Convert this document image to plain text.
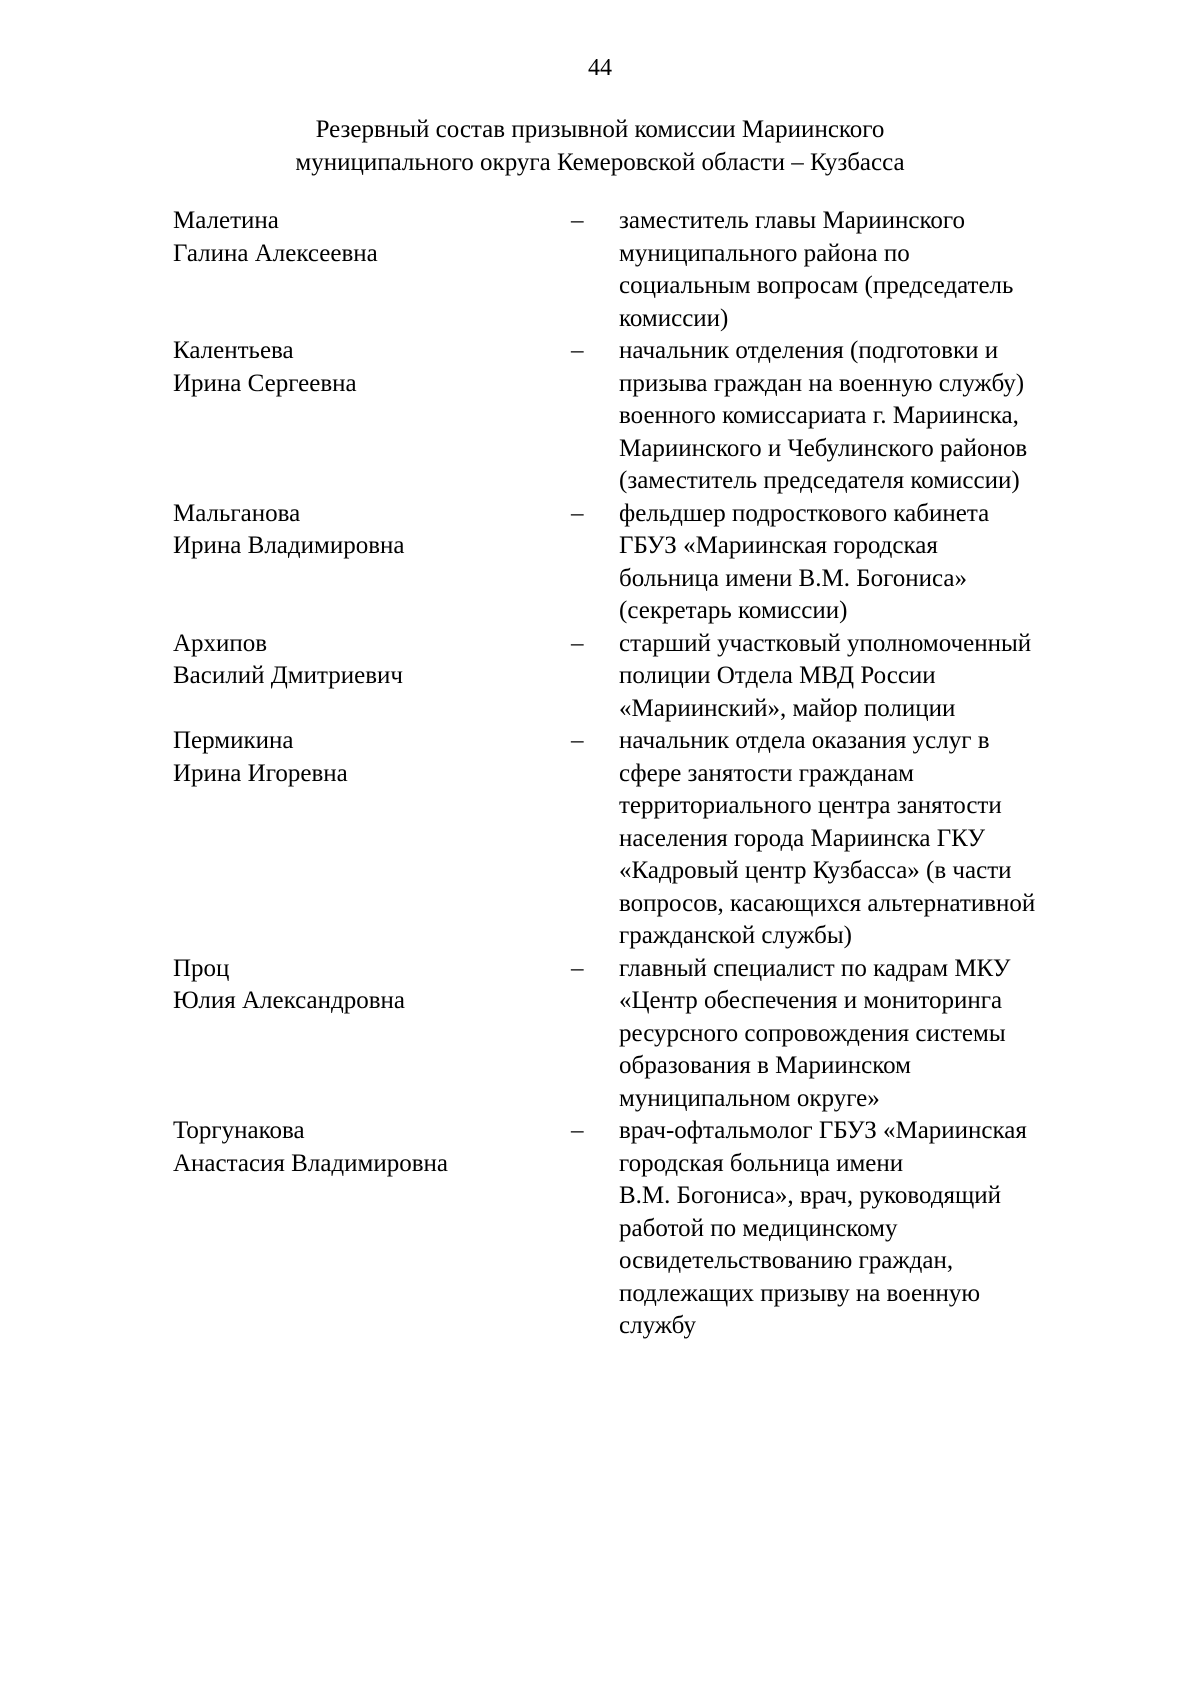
44
Резервный состав призывной комиссии Мариинского
муниципального округа Кемеровской области – Кузбасса
Малетина
Галина Алексеевна
–	заместитель главы Мариинского
муниципального района по
социальным вопросам (председатель
комиссии)
Калентьева
Ирина Сергеевна
–	начальник отделения (подготовки и
призыва граждан на военную службу)
военного комиссариата г. Мариинска,
Мариинского и Чебулинского районов
(заместитель председателя комиссии)
Мальганова
Ирина Владимировна
–	фельдшер подросткового кабинета
ГБУЗ «Мариинская городская
больница имени В.М. Богониса»
(секретарь комиссии)
Архипов
Василий Дмитриевич
–	старший участковый уполномоченный
полиции Отдела МВД России
«Мариинский», майор полиции
Пермикина
Ирина Игоревна
–	начальник отдела оказания услуг в
сфере занятости гражданам
территориального центра занятости
населения города Мариинска ГКУ
«Кадровый центр Кузбасса» (в части
вопросов, касающихся альтернативной
гражданской службы)
Проц
Юлия Александровна
–	главный специалист по кадрам МКУ
«Центр обеспечения и мониторинга
ресурсного сопровождения системы
образования в Мариинском
муниципальном округе»
Торгунакова
Анастасия Владимировна
–	врач-офтальмолог ГБУЗ «Мариинская
городская больница имени
В.М. Богониса», врач, руководящий
работой по медицинскому
освидетельствованию граждан,
подлежащих призыву на военную
службу
